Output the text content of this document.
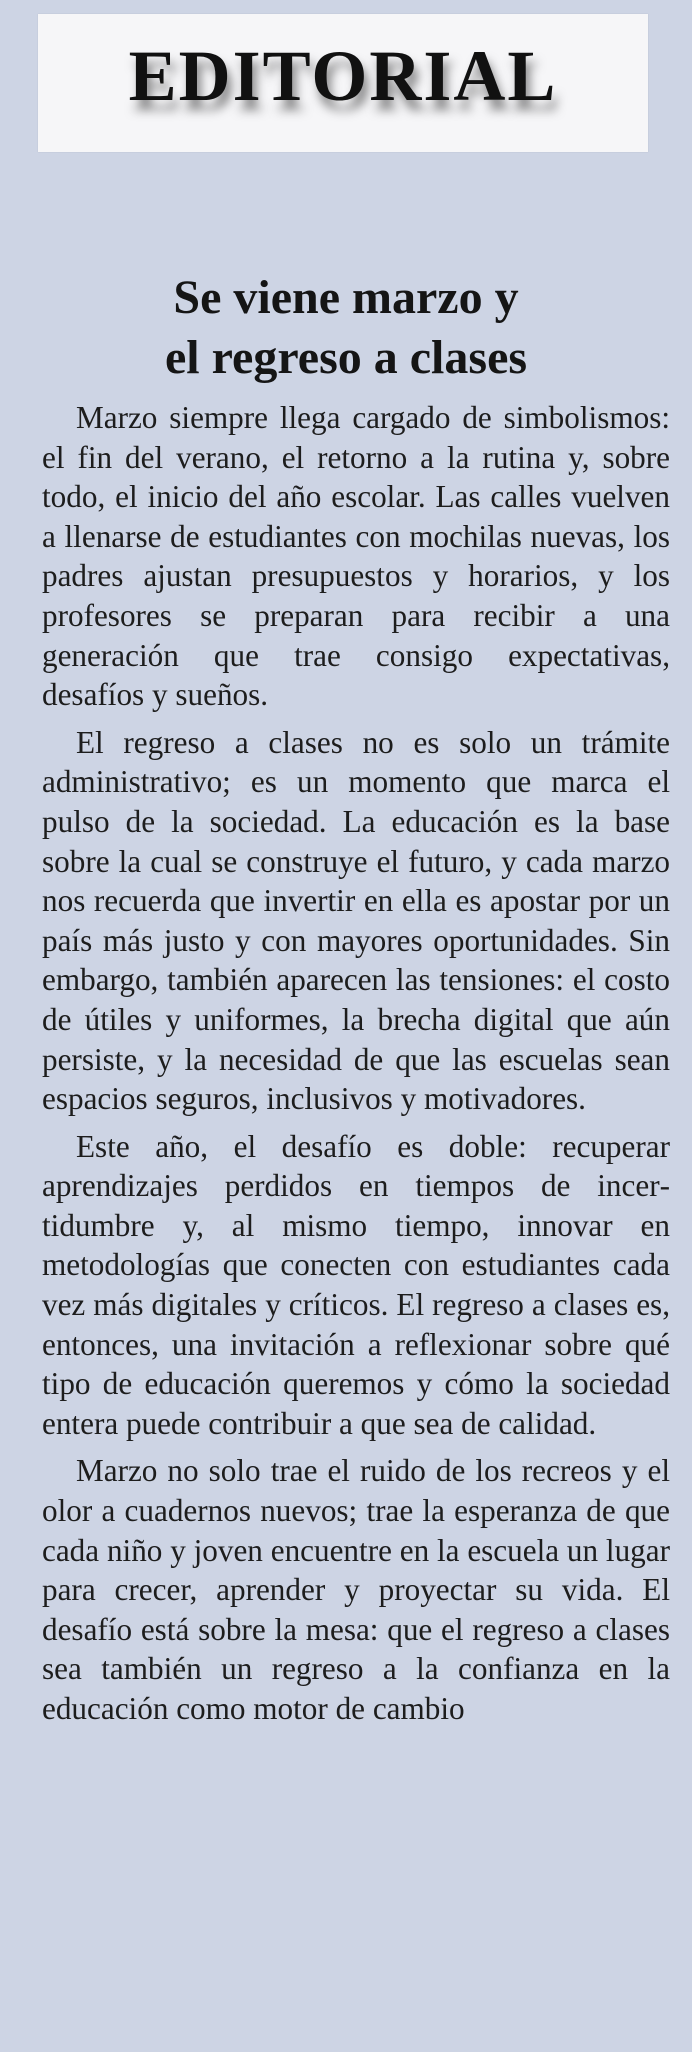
EDITORIAL
Se viene marzo y
el regreso a clases

Marzo siempre llega cargado de simbolismos: el fin del verano, el retorno a la rutina y, sobre todo, el inicio del año escolar. Las calles vuelven a llenarse de estudiantes con mochilas nuevas, los padres ajustan presupuestos y horarios, y los profesores se preparan para recibir a una generación que trae consigo expectativas, desafíos y sueños.

El regreso a clases no es solo un trámite administrativo; es un momento que marca el pulso de la sociedad. La educación es la base sobre la cual se construye el futuro, y cada marzo nos recuerda que invertir en ella es apostar por un país más justo y con mayores oportunidades. Sin embargo, también aparecen las tensiones: el costo de útiles y uniformes, la brecha digital que aún persiste, y la necesidad de que las escuelas sean espacios seguros, inclusivos y motivadores.

Este año, el desafío es doble: recuperar aprendizajes perdidos en tiempos de incertidumbre y, al mismo tiempo, innovar en metodologías que conecten con estudiantes cada vez más digitales y críticos. El regreso a clases es, entonces, una invitación a reflexionar sobre qué tipo de educación queremos y cómo la sociedad entera puede contribuir a que sea de calidad.

Marzo no solo trae el ruido de los recreos y el olor a cuadernos nuevos; trae la esperanza de que cada niño y joven encuentre en la escuela un lugar para crecer, aprender y proyectar su vida. El desafío está sobre la mesa: que el regreso a clases sea también un regreso a la confianza en la educación como motor de cambio
